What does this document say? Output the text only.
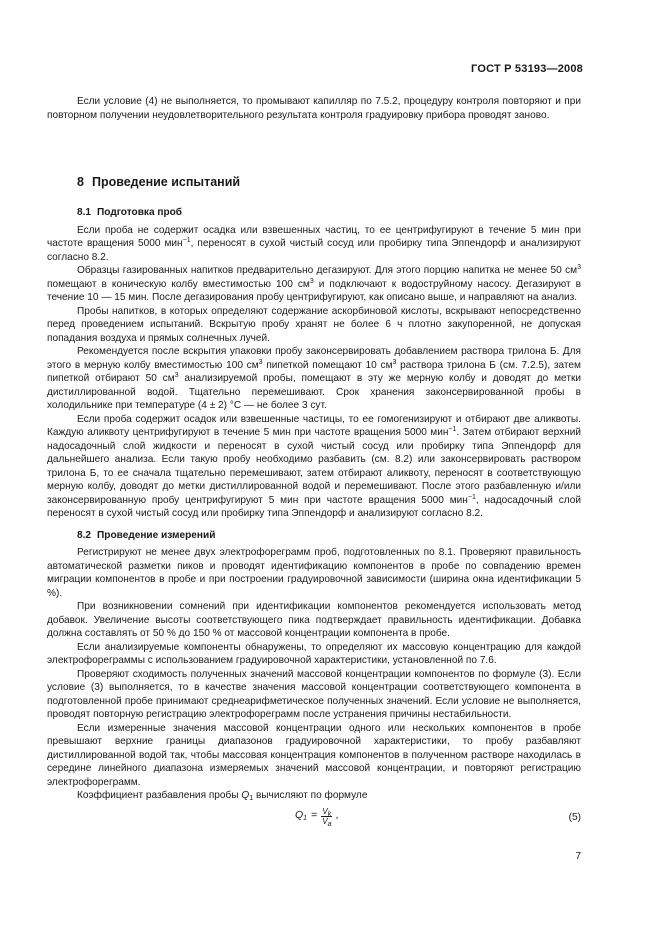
ГОСТ Р 53193—2008

Если условие (4) не выполняется, то промывают капилляр по 7.5.2, процедуру контроля повторяют и при повторном получении неудовлетворительного результата контроля градуировку прибора проводят заново.

8 Проведение испытаний
8.1 Подготовка проб

Если проба не содержит осадка или взвешенных частиц, то ее центрифугируют в течение 5 мин при частоте вращения 5000 мин$^{-1}$, переносят в сухой чистый сосуд или пробирку типа Эппендорф и анализируют согласно 8.2.

Образцы газированных напитков предварительно дегазируют. Для этого порцию напитка не менее 50 $см^3$ помещают в коническую колбу вместимостью 100 $см^3$ и подключают к водоструйному насосу. Дегазируют в течение 10 — 15 мин. После дегазирования пробу центрифугируют, как описано выше, и направляют на анализ.

Пробы напитков, в которых определяют содержание аскорбиновой кислоты, вскрывают непосредственно перед проведением испытаний. Вскрытую пробу хранят не более 6 ч плотно закупоренной, не допуская попадания воздуха и прямых солнечных лучей.

Рекомендуется после вскрытия упаковки пробу законсервировать добавлением раствора трилона Б. Для этого в мерную колбу вместимостью 100 $см^3$ пипеткой помещают 10 $см^3$ раствора трилона Б (см. 7.2.5), затем пипеткой отбирают 50 $см^3$ анализируемой пробы, помещают в эту же мерную колбу и доводят до метки дистиллированной водой. Тщательно перемешивают. Срок хранения законсервированной пробы в холодильнике при температуре (4 ± 2) °С — не более 3 сут.

Если проба содержит осадок или взвешенные частицы, то ее гомогенизируют и отбирают две аликвоты. Каждую аликвоту центрифугируют в течение 5 мин при частоте вращения 5000 мин$^{-1}$. Затем отбирают верхний надосадочный слой жидкости и переносят в сухой чистый сосуд или пробирку типа Эппендорф для дальнейшего анализа. Если такую пробу необходимо разбавить (см. 8.2) или законсервировать раствором трилона Б, то ее сначала тщательно перемешивают, затем отбирают аликвоту, переносят в соответствующую мерную колбу, доводят до метки дистиллированной водой и перемешивают. После этого разбавленную и/или законсервированную пробу центрифугируют 5 мин при частоте вращения 5000 мин$^{-1}$, надосадочный слой переносят в сухой чистый сосуд или пробирку типа Эппендорф и анализируют согласно 8.2.

8.2 Проведение измерений

Регистрируют не менее двух электрофореграмм проб, подготовленных по 8.1. Проверяют правильность автоматической разметки пиков и проводят идентификацию компонентов в пробе по совпадению времен миграции компонентов в пробе и при построении градуировочной зависимости (ширина окна идентификации 5 %).

При возникновении сомнений при идентификации компонентов рекомендуется использовать метод добавок. Увеличение высоты соответствующего пика подтверждает правильность идентификации. Добавка должна составлять от 50 % до 150 % от массовой концентрации компонента в пробе.

Если анализируемые компоненты обнаружены, то определяют их массовую концентрацию для каждой электрофореграммы с использованием градуировочной характеристики, установленной по 7.6.

Проверяют сходимость полученных значений массовой концентрации компонентов по формуле (3). Если условие (3) выполняется, то в качестве значения массовой концентрации соответствующего компонента в подготовленной пробе принимают среднеарифметическое полученных значений. Если условие не выполняется, проводят повторную регистрацию электрофореграмм после устранения причины нестабильности.

Если измеренные значения массовой концентрации одного или нескольких компонентов в пробе превышают верхние границы диапазонов градуировочной характеристики, то пробу разбавляют дистиллированной водой так, чтобы массовая концентрация компонентов в полученном растворе находилась в середине линейного диапазона измеряемых значений массовой концентрации, и повторяют регистрацию электрофореграмм.

Коэффициент разбавления пробы $Q_1$ вычисляют по формуле

$Q_1 = \frac{V_k}{V_a}$ ,	(5)
7
